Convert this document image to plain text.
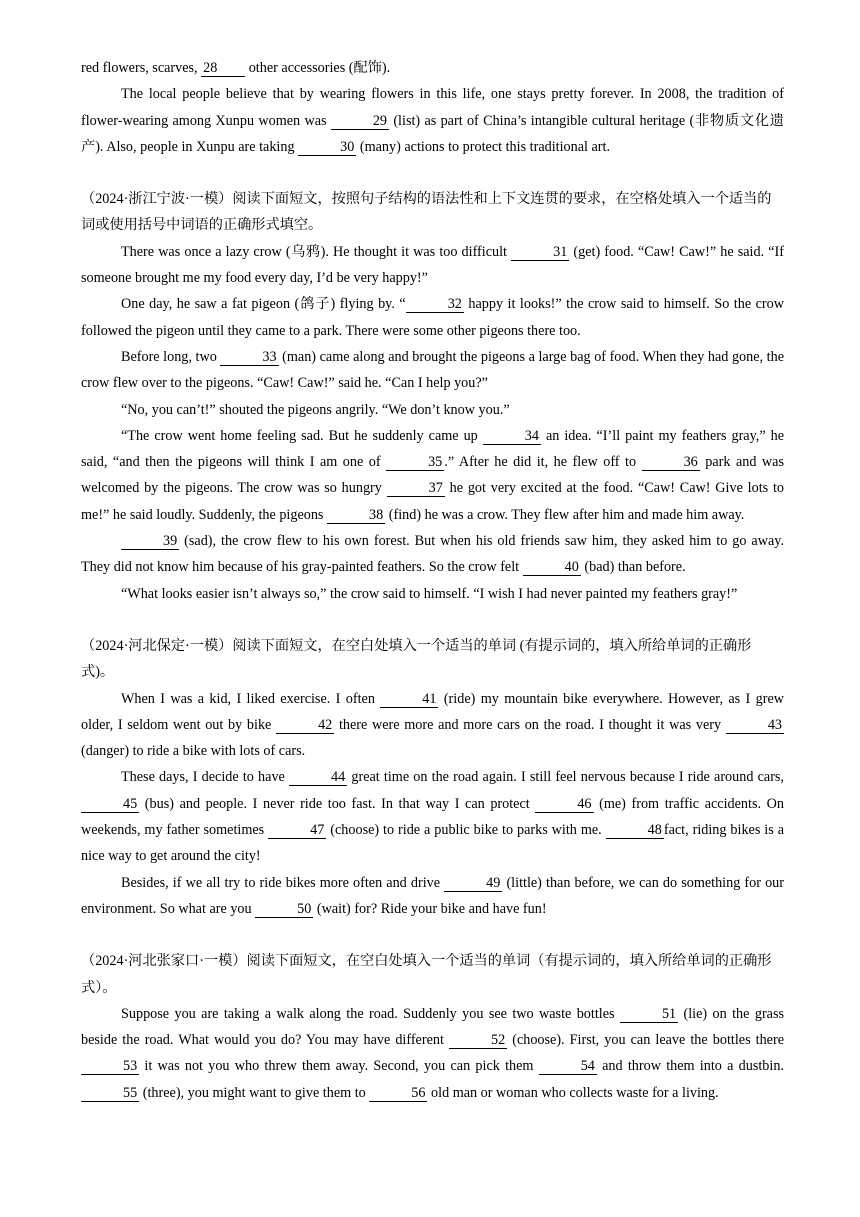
red flowers, scarves, 28 other accessories (配饰).

The local people believe that by wearing flowers in this life, one stays pretty forever. In 2008, the tradition of flower-wearing among Xunpu women was	29 (list) as part of China’s intangible cultural heritage (非物质文化遗产). Also, people in Xunpu are taking	30 (many) actions to protect this traditional art.

（2024·浙江宁波·一模）阅读下面短文，按照句子结构的语法性和上下文连贯的要求，在空格处填入一个适当的词或使用括号中词语的正确形式填空。

There was once a lazy crow (乌鸦). He thought it was too difficult	31 (get) food. “Caw! Caw!” he said. “If someone brought me my food every day, I’d be very happy!”

One day, he saw a fat pigeon (鸽子) flying by. “	32 happy it looks!” the crow said to himself. So the crow followed the pigeon until they came to a park. There were some other pigeons there too.

Before long, two	33 (man) came along and brought the pigeons a large bag of food. When they had gone, the crow flew over to the pigeons. “Caw! Caw!” said he. “Can I help you?”

“No, you can’t!” shouted the pigeons angrily. “We don’t know you.”

“The crow went home feeling sad. But he suddenly came up	34 an idea. “I’ll paint my feathers gray,” he said, “and then the pigeons will think I am one of	35 .” After he did it, he flew off to	36 park and was welcomed by the pigeons. The crow was so hungry	37 he got very excited at the food. “Caw! Caw! Give lots to me!” he said loudly. Suddenly, the pigeons	38 (find) he was a crow. They flew after him and made him away.

39 (sad), the crow flew to his own forest. But when his old friends saw him, they asked him to go away. They did not know him because of his gray-painted feathers. So the crow felt	40 (bad) than before.

“What looks easier isn’t always so,” the crow said to himself. “I wish I had never painted my feathers gray!”

（2024·河北保定·一模）阅读下面短文，在空白处填入一个适当的单词 (有提示词的，填入所给单词的正确形式)。

When I was a kid, I liked exercise. I often	41 (ride) my mountain bike everywhere. However, as I grew older, I seldom went out by bike	42 there were more and more cars on the road. I thought it was very	43 (danger) to ride a bike with lots of cars.

These days, I decide to have	44 great time on the road again. I still feel nervous because I ride around cars, 45 (bus) and people. I never ride too fast. In that way I can protect	46 (me) from traffic accidents. On weekends, my father sometimes	47 (choose) to ride a public bike to parks with me.	48 fact, riding bikes is a nice way to get around the city!

Besides, if we all try to ride bikes more often and drive	49 (little) than before, we can do something for our environment. So what are you	50 (wait) for? Ride your bike and have fun!

（2024·河北张家口·一模）阅读下面短文，在空白处填入一个适当的单词（有提示词的，填入所给单词的正确形式）。

Suppose you are taking a walk along the road. Suddenly you see two waste bottles	51 (lie) on the grass beside the road. What would you do? You may have different	52 (choose). First, you can leave the bottles there 53 it was not you who threw them away. Second, you can pick them	54 and throw them into a dustbin. 55 (three), you might want to give them to	56 old man or woman who collects waste for a living.
